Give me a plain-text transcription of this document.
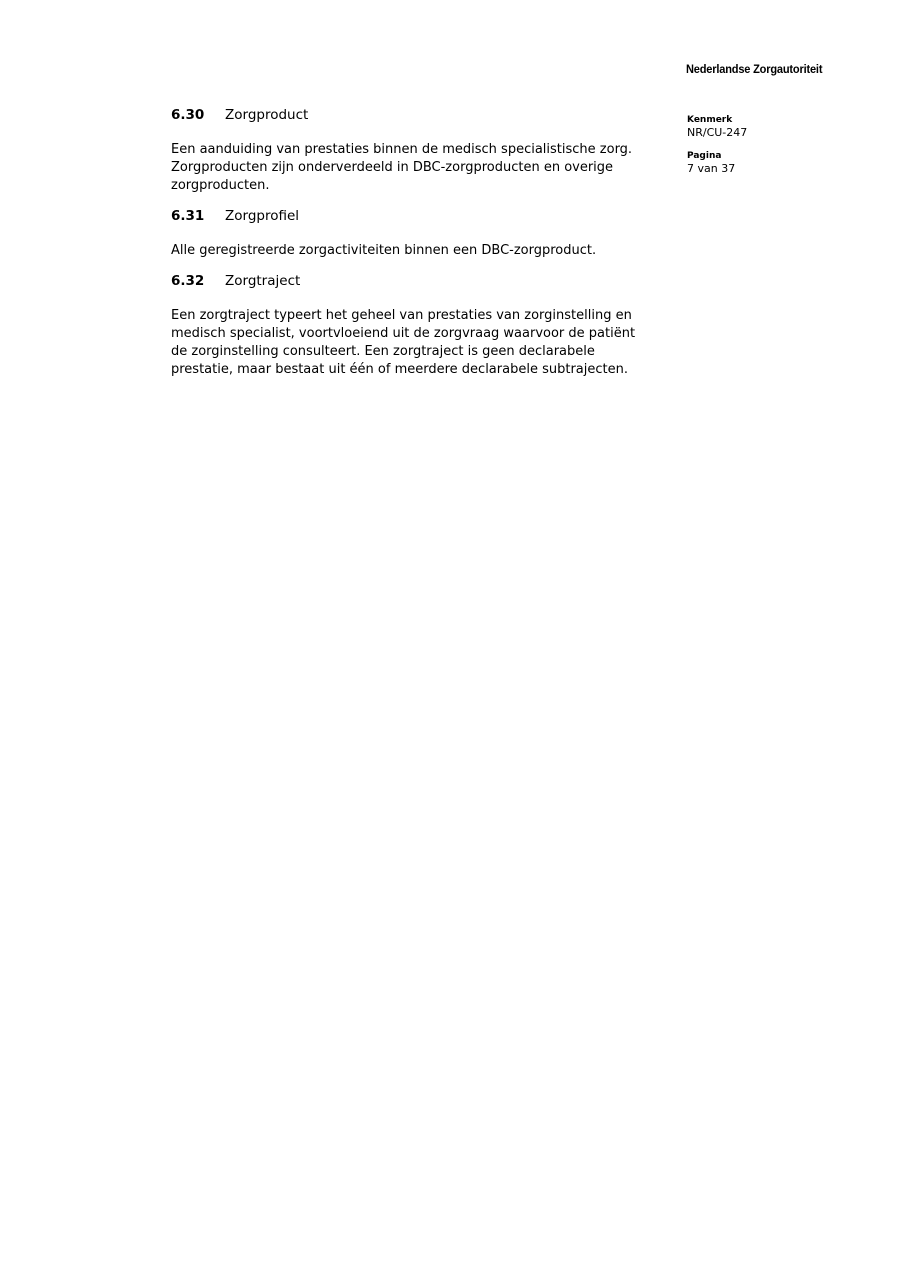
Nederlandse Zorgautoriteit

Kenmerk

NR/CU-247

Pagina

7 van 37

6.30	Zorgproduct

Een aanduiding van prestaties binnen de medisch specialistische zorg.
Zorgproducten zijn onderverdeeld in DBC-zorgproducten en overige
zorgproducten.

6.31	Zorgprofiel

Alle geregistreerde zorgactiviteiten binnen een DBC-zorgproduct.

6.32	Zorgtraject

Een zorgtraject typeert het geheel van prestaties van zorginstelling en
medisch specialist, voortvloeiend uit de zorgvraag waarvoor de patiënt
de zorginstelling consulteert. Een zorgtraject is geen declarabele
prestatie, maar bestaat uit één of meerdere declarabele subtrajecten.
